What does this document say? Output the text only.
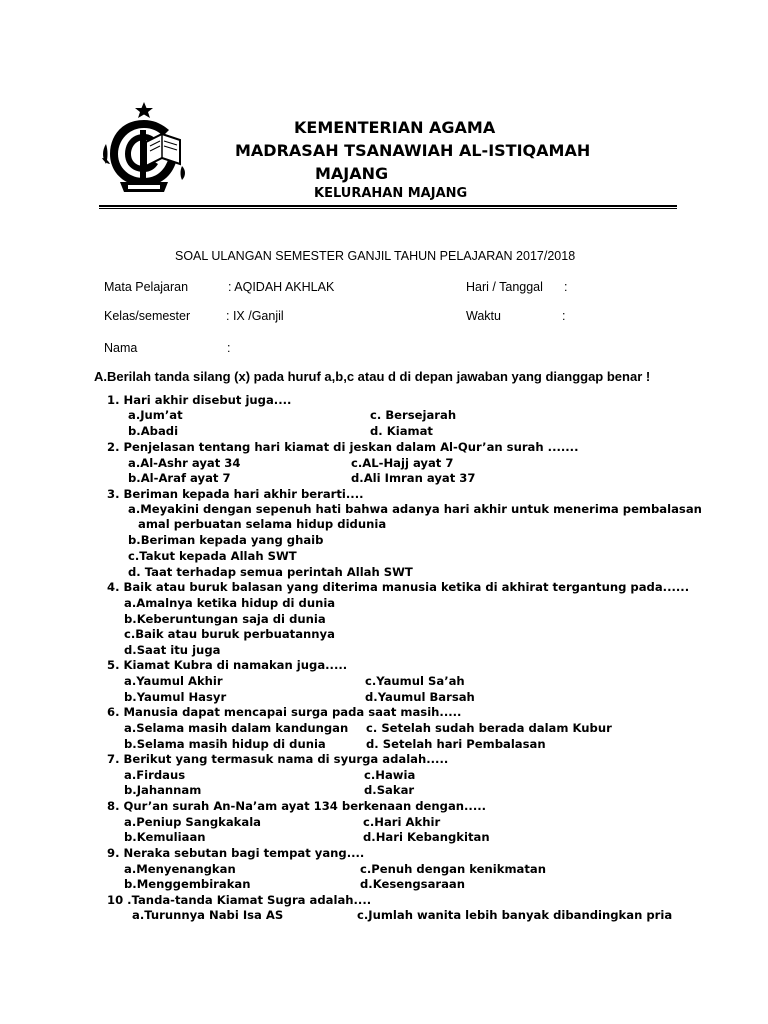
KEMENTERIAN AGAMA
MADRASAH TSANAWIAH AL-ISTIQAMAH
MAJANG
KELURAHAN MAJANG
SOAL ULANGAN SEMESTER GANJIL TAHUN PELAJARAN 2017/2018
Mata Pelajaran	: AQIDAH AKHLAK	Hari / Tanggal :
Kelas/semester	: IX /Ganjil	Waktu	:
Nama	:
A.Berilah tanda silang (x) pada huruf a,b,c atau d di depan jawaban yang dianggap benar !
1. Hari akhir disebut juga....
a.Jum’at	c. Bersejarah
b.Abadi	d. Kiamat
2. Penjelasan tentang hari kiamat di jeskan dalam Al-Qur’an surah .......
a.Al-Ashr ayat 34	c.AL-Hajj ayat 7
b.Al-Araf ayat 7	d.Ali Imran ayat 37
3. Beriman kepada hari akhir berarti....
a.Meyakini dengan sepenuh hati bahwa adanya hari akhir untuk menerima pembalasan
amal perbuatan selama hidup didunia
b.Beriman kepada yang ghaib
c.Takut kepada Allah SWT
d. Taat terhadap semua perintah Allah SWT
4. Baik atau buruk balasan yang diterima manusia ketika di akhirat tergantung pada......
a.Amalnya ketika hidup di dunia
b.Keberuntungan saja di dunia
c.Baik atau buruk perbuatannya
d.Saat itu juga
5. Kiamat Kubra di namakan juga.....
a.Yaumul Akhir	c.Yaumul Sa’ah
b.Yaumul Hasyr	d.Yaumul Barsah
6. Manusia dapat mencapai surga pada saat masih.....
a.Selama masih dalam kandungan c. Setelah sudah berada dalam Kubur
b.Selama masih hidup di dunia	d. Setelah hari Pembalasan
7. Berikut yang termasuk nama di syurga adalah.....
a.Firdaus	c.Hawia
b.Jahannam	d.Sakar
8. Qur’an surah An-Na’am ayat 134 berkenaan dengan.....
a.Peniup Sangkakala	c.Hari Akhir
b.Kemuliaan	d.Hari Kebangkitan
9. Neraka sebutan bagi tempat yang....
a.Menyenangkan	c.Penuh dengan kenikmatan
b.Menggembirakan	d.Kesengsaraan
10 .Tanda-tanda Kiamat Sugra adalah....
a.Turunnya Nabi Isa AS	c.Jumlah wanita lebih banyak dibandingkan pria
